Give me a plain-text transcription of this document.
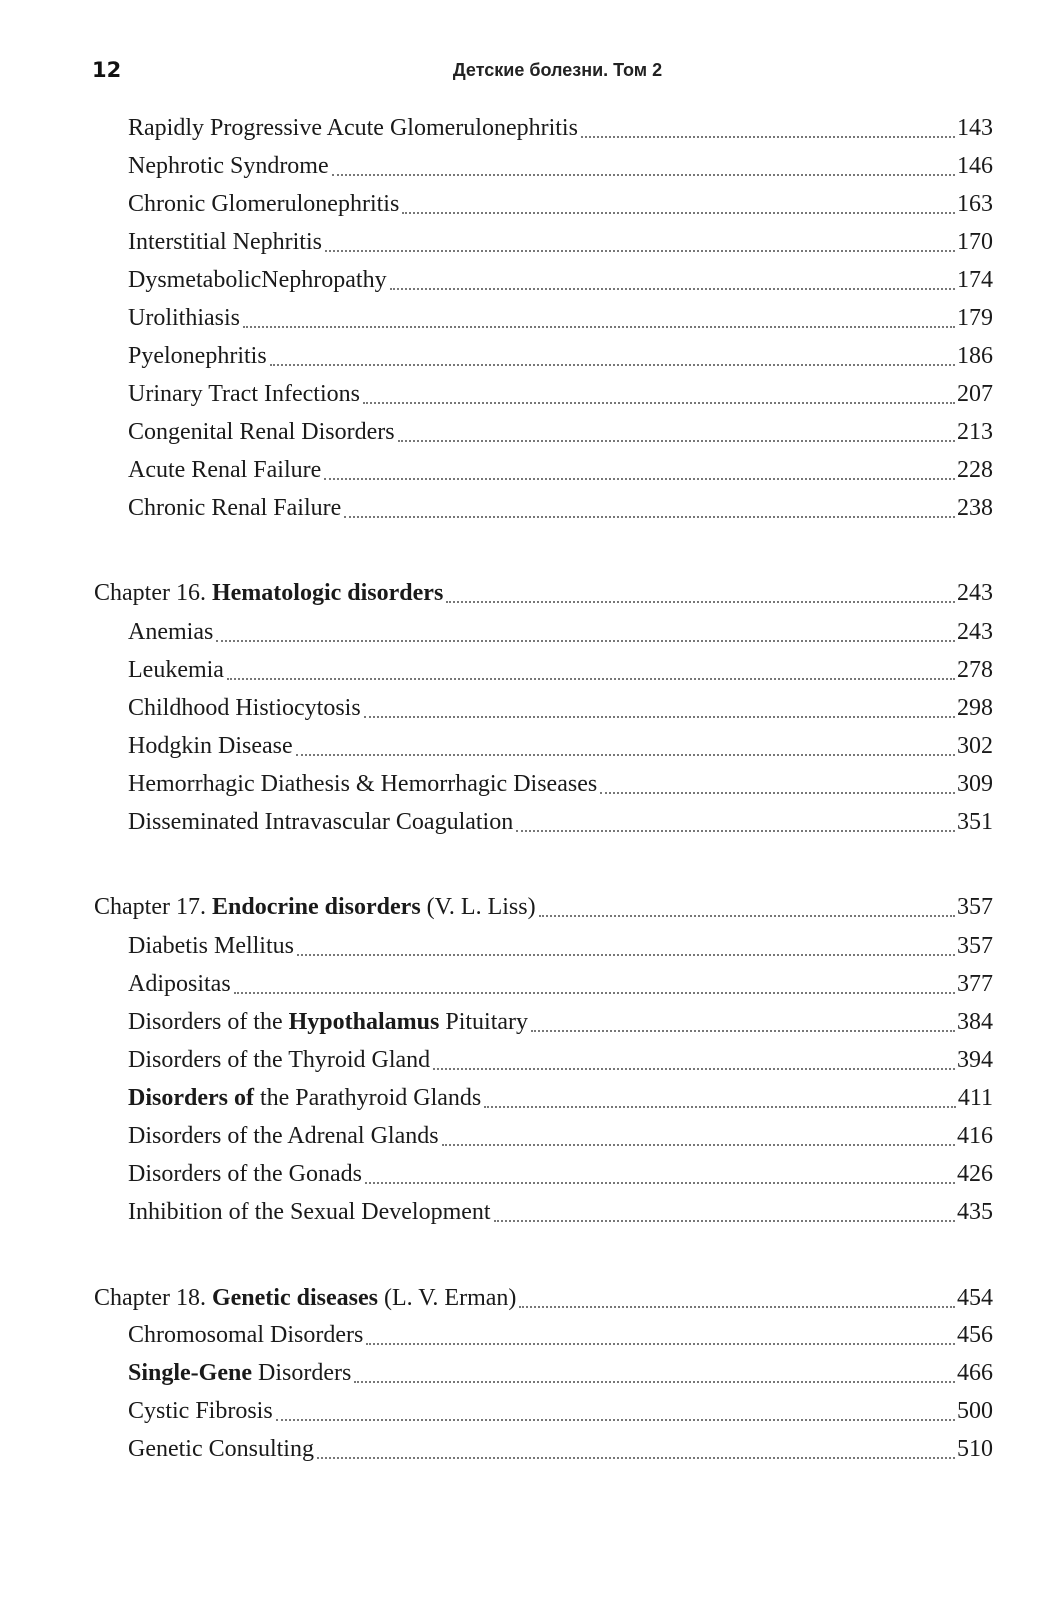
12	Детские болезни. Том 2
Rapidly Progressive Acute Glomerulonephritis	143
Nephrotic Syndrome	146
Chronic Glomerulonephritis	163
Interstitial Nephritis	170
DysmetabolicNephropathy	174
Urolithiasis	179
Pyelonephritis	186
Urinary Tract Infections	207
Congenital Renal Disorders	213
Acute Renal Failure	228
Chronic Renal Failure	238
Chapter 16. Hematologic disorders	243
Anemias	243
Leukemia	278
Childhood Histiocytosis	298
Hodgkin Disease	302
Hemorrhagic Diathesis & Hemorrhagic Diseases	309
Disseminated Intravascular Coagulation	351
Chapter 17. Endocrine disorders (V. L. Liss)	357
Diabetis Mellitus	357
Adipositas	377
Disorders of the Hypothalamus Pituitary	384
Disorders of the Thyroid Gland	394
Disorders of the Parathyroid Glands	411
Disorders of the Adrenal Glands	416
Disorders of the Gonads	426
Inhibition of the Sexual Development	435
Chapter 18. Genetic diseases (L. V. Erman)	454
Chromosomal Disorders	456
Single-Gene Disorders	466
Cystic Fibrosis	500
Genetic Consulting	510
